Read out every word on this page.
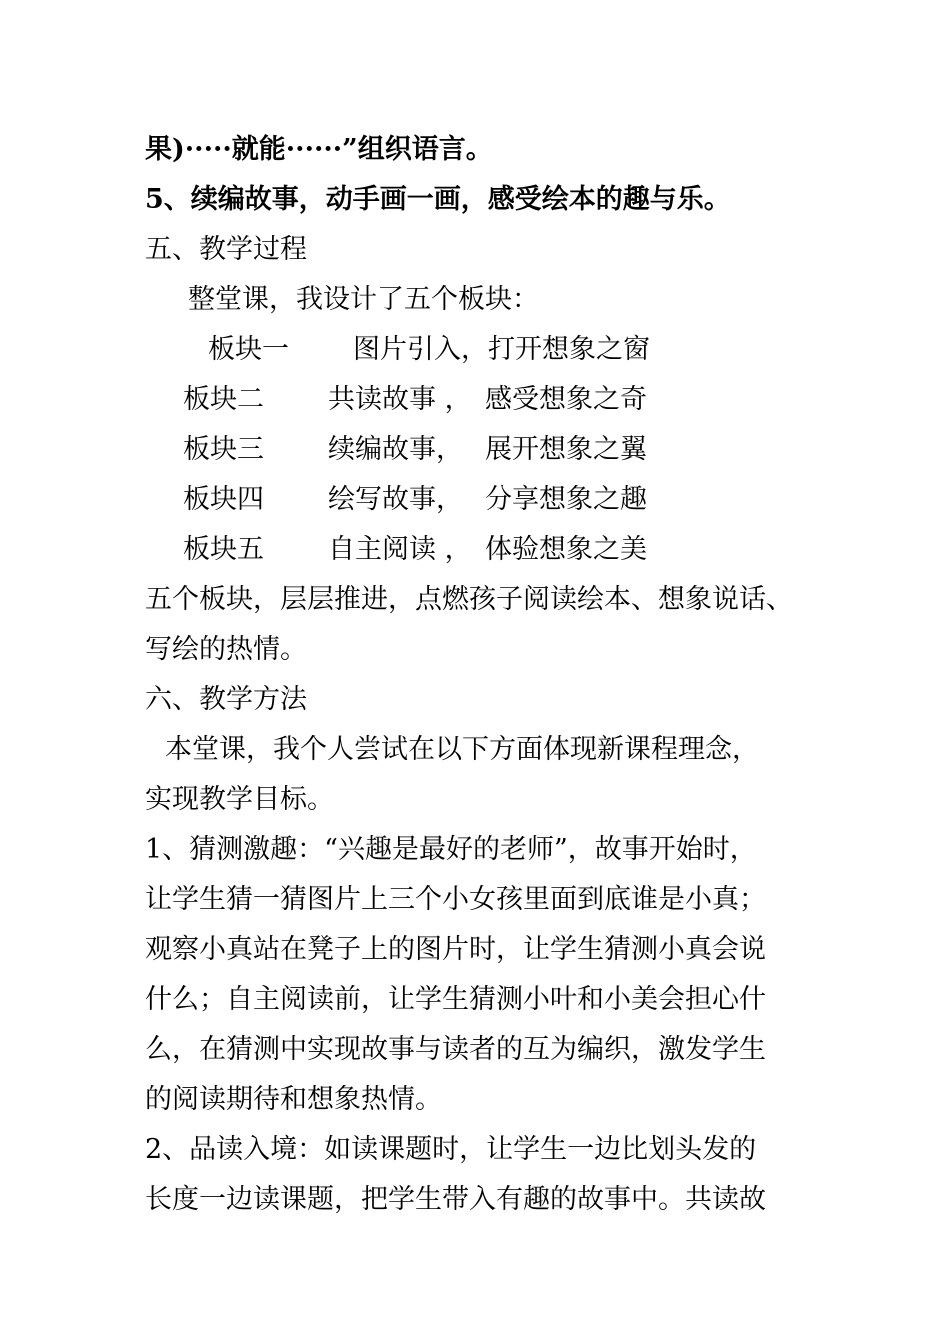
果)·····就能······”组织语言。
5、续编故事，动手画一画，感受绘本的趣与乐。
五、教学过程
整堂课，我设计了五个板块：
板块一 图片引入，打开想象之窗
板块二 共读故事 ， 感受想象之奇
板块三 续编故事， 展开想象之翼
板块四 绘写故事， 分享想象之趣
板块五 自主阅读 ， 体验想象之美
五个板块，层层推进，点燃孩子阅读绘本、想象说话、
写绘的热情。
六、教学方法
本堂课，我个人尝试在以下方面体现新课程理念，
实现教学目标。
1、猜测激趣：“兴趣是最好的老师”，故事开始时，
让学生猜一猜图片上三个小女孩里面到底谁是小真；
观察小真站在凳子上的图片时，让学生猜测小真会说
什么；自主阅读前，让学生猜测小叶和小美会担心什
么，在猜测中实现故事与读者的互为编织，激发学生
的阅读期待和想象热情。
2、品读入境：如读课题时，让学生一边比划头发的
长度一边读课题，把学生带入有趣的故事中。共读故
